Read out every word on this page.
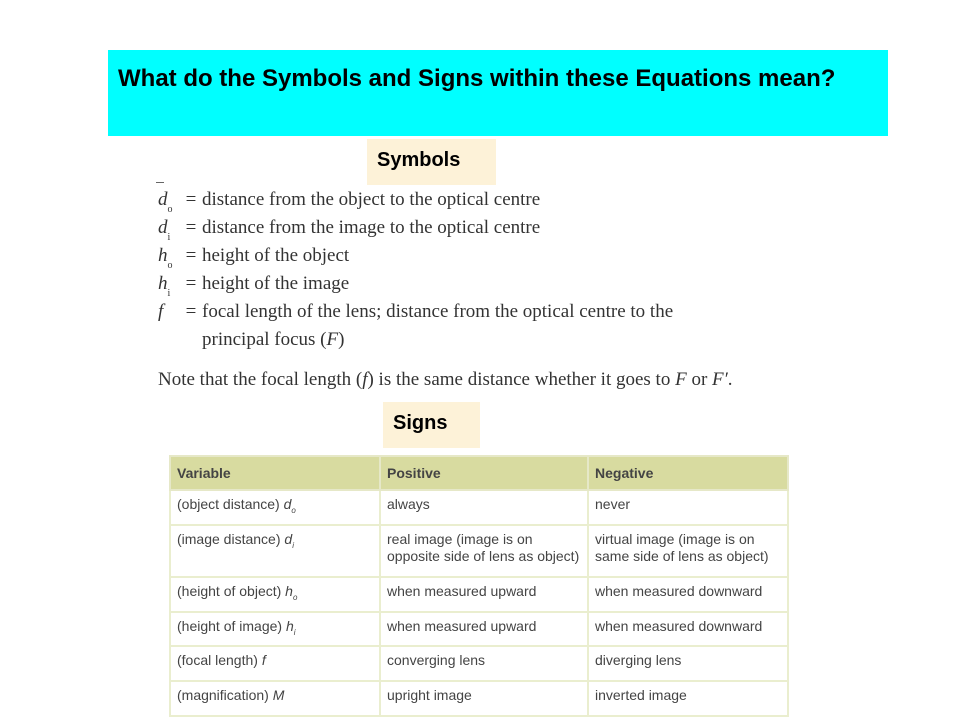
What do the Symbols and Signs within these Equations mean?
Symbols
$d_o$ = distance from the object to the optical centre
$d_i$ = distance from the image to the optical centre
$h_o$ = height of the object
$h_i$ = height of the image
f	= focal length of the lens; distance from the optical centre to the
principal focus (F)
Note that the focal length (f) is the same distance whether it goes to F or F′.
Signs
Variable	Positive	Negative
(object distance) $d_o$	always	never
(image distance) $d_i$	real image (image is on opposite side of lens as object)	virtual image (image is on same side of lens as object)
(height of object) $h_o$	when measured upward	when measured downward
(height of image) $h_i$	when measured upward	when measured downward
(focal length) f	converging lens	diverging lens
(magnification) M	upright image	inverted image
